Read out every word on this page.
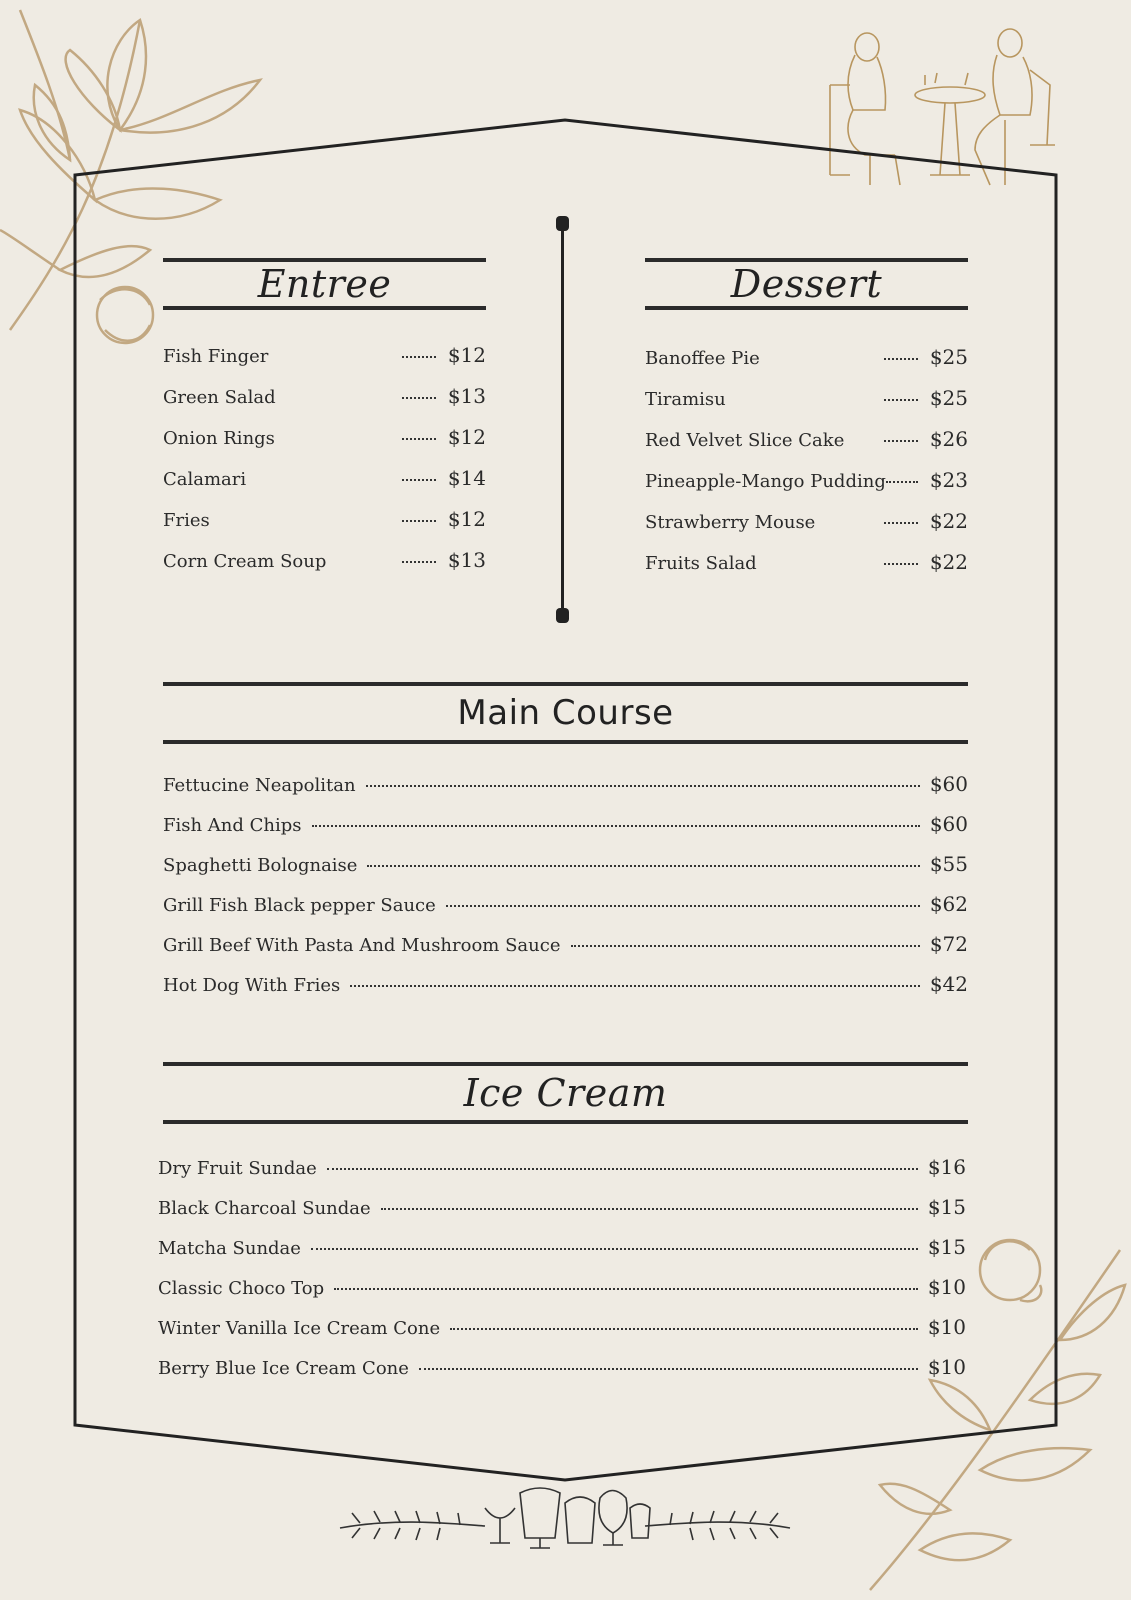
Entree
Fish Finger	$12
Green Salad	$13
Onion Rings	$12
Calamari	$14
Fries	$12
Corn Cream Soup	$13
Dessert
Banoffee Pie	$25
Tiramisu	$25
Red Velvet Slice Cake	$26
Pineapple-Mango Pudding $23
Strawberry Mouse	$22
Fruits Salad	$22
Main Course
Fettucine Neapolitan	$60
Fish And Chips	$60
Spaghetti Bolognaise	$55
Grill Fish Black pepper Sauce	$62
Grill Beef With Pasta And Mushroom Sauce	$72
Hot Dog With Fries	$42
Ice Cream
Dry Fruit Sundae	$16
Black Charcoal Sundae	$15
Matcha Sundae	$15
Classic Choco Top	$10
Winter Vanilla Ice Cream Cone	$10
Berry Blue Ice Cream Cone	$10
